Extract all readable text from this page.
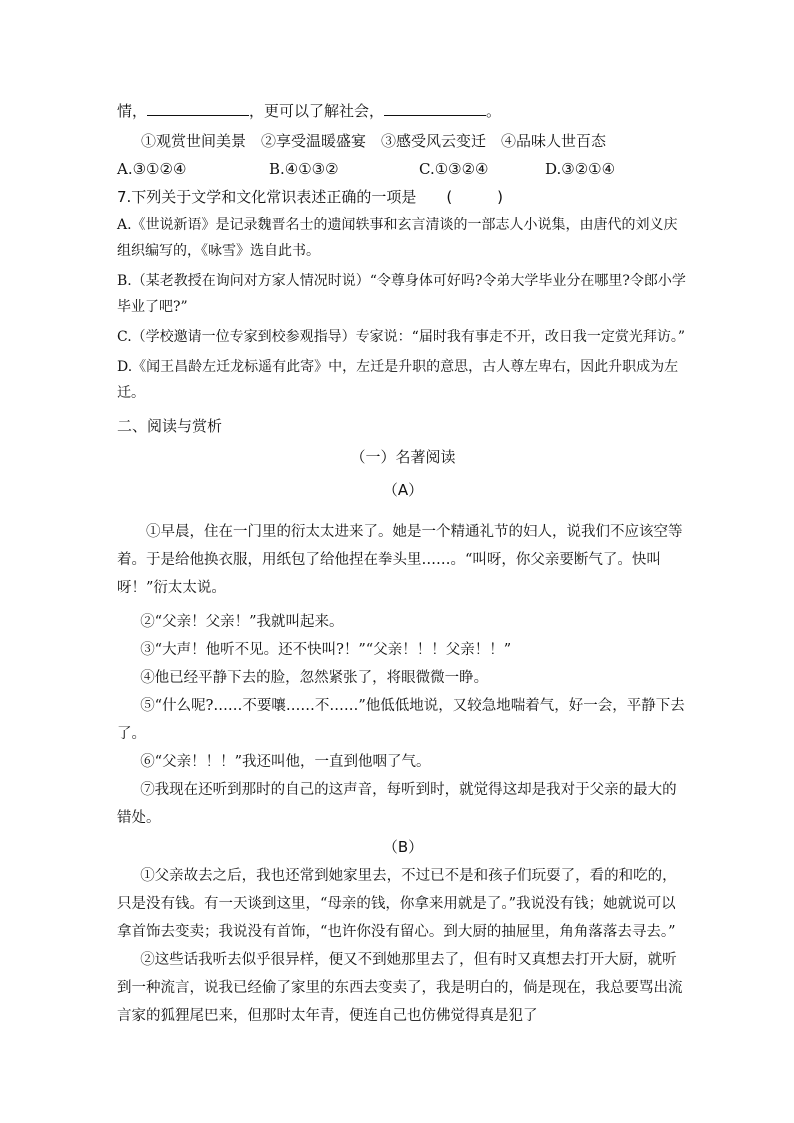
情，	，更可以了解社会，	。

①观赏世间美景　②享受温暖盛宴　③感受风云变迁　④品味人世百态

A.③①②④	B.④①③②	C.①③②④	D.③②①④

7.下列关于文学和文化常识表述正确的一项是　　(　　　)

A.《世说新语》是记录魏晋名士的遗闻轶事和玄言清谈的一部志人小说集，由唐代的刘义庆组织编写的，《咏雪》选自此书。

B.（某老教授在询问对方家人情况时说）“令尊身体可好吗?令弟大学毕业分在哪里?令郎小学毕业了吧?”

C.（学校邀请一位专家到校参观指导）专家说：“届时我有事走不开，改日我一定赏光拜访。”

D.《闻王昌龄左迁龙标遥有此寄》中，左迁是升职的意思，古人尊左卑右，因此升职成为左迁。

二、阅读与赏析

（一）名著阅读

（A）

①早晨，住在一门里的衍太太进来了。她是一个精通礼节的妇人，说我们不应该空等着。于是给他换衣服，用纸包了给他捏在拳头里……。“叫呀，你父亲要断气了。快叫呀！”衍太太说。

②“父亲！父亲！”我就叫起来。

③“大声！他听不见。还不快叫?！”“父亲！！！父亲！！”

④他已经平静下去的脸，忽然紧张了，将眼微微一睁。

⑤“什么呢?……不要嚷……不……”他低低地说，又较急地喘着气，好一会，平静下去了。

⑥“父亲！！！”我还叫他，一直到他咽了气。

⑦我现在还听到那时的自己的这声音，每听到时，就觉得这却是我对于父亲的最大的错处。

（B）

①父亲故去之后，我也还常到她家里去，不过已不是和孩子们玩耍了，看的和吃的，只是没有钱。有一天谈到这里，“母亲的钱，你拿来用就是了。”我说没有钱；她就说可以拿首饰去变卖；我说没有首饰，“也许你没有留心。到大厨的抽屉里，角角落落去寻去。”

②这些话我听去似乎很异样，便又不到她那里去了，但有时又真想去打开大厨，就听到一种流言，说我已经偷了家里的东西去变卖了，我是明白的，倘是现在，我总要骂出流言家的狐狸尾巴来，但那时太年青，便连自己也仿佛觉得真是犯了
